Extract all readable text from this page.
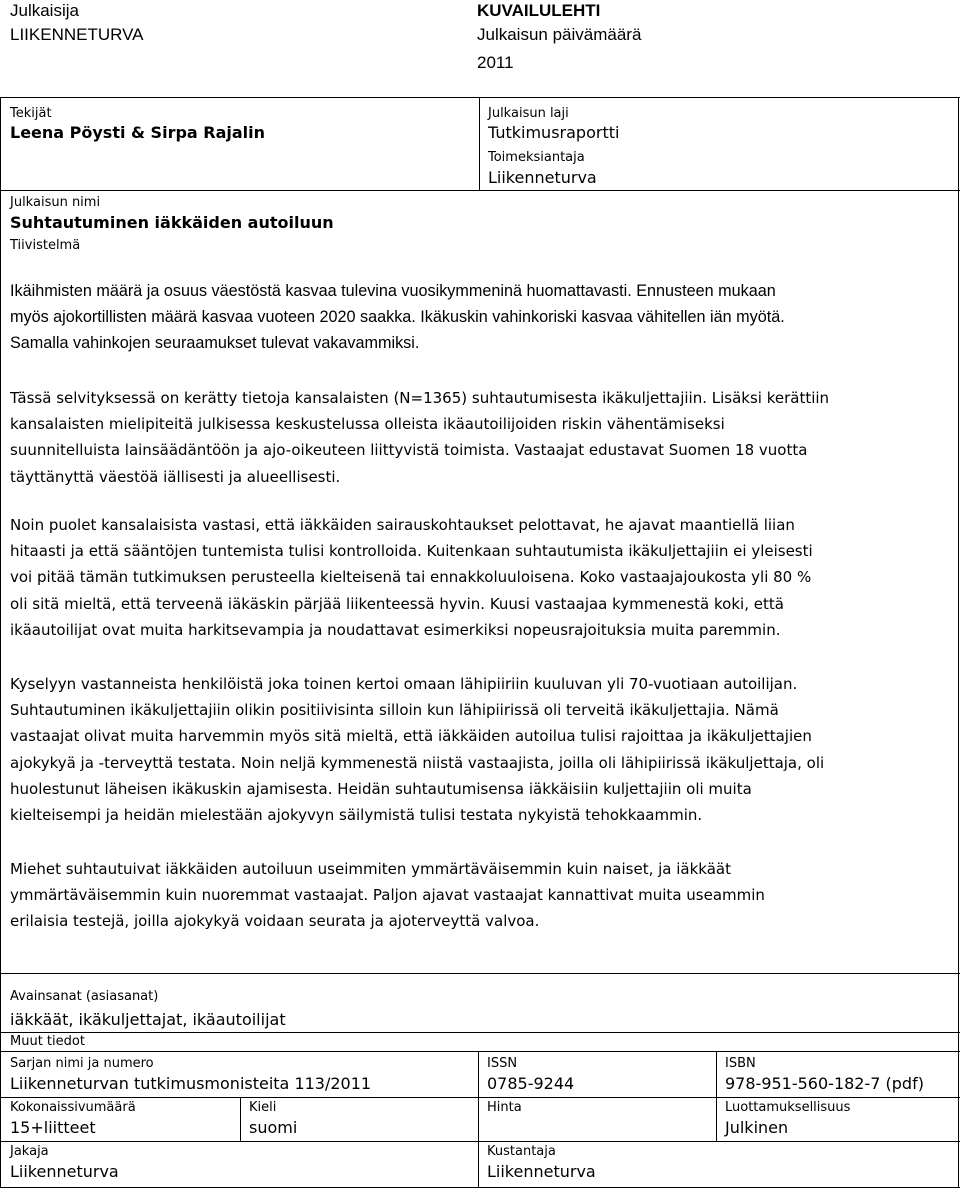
Julkaisija
LIIKENNETURVA
KUVAILULEHTI
Julkaisun päivämäärä
2011
Tekijät
Leena Pöysti & Sirpa Rajalin
Julkaisun laji
Tutkimusraportti
Toimeksiantaja
Liikenneturva
Julkaisun nimi
Suhtautuminen iäkkäiden autoiluun
Tiivistelmä
Ikäihmisten määrä ja osuus väestöstä kasvaa tulevina vuosikymmeninä huomattavasti. Ennusteen mukaan
myös ajokortillisten määrä kasvaa vuoteen 2020 saakka. Ikäkuskin vahinkoriski kasvaa vähitellen iän myötä.
Samalla vahinkojen seuraamukset tulevat vakavammiksi.
Tässä selvityksessä on kerätty tietoja kansalaisten (N=1365) suhtautumisesta ikäkuljettajiin. Lisäksi kerättiin
kansalaisten mielipiteitä julkisessa keskustelussa olleista ikäautoilijoiden riskin vähentämiseksi
suunnitelluista lainsäädäntöön ja ajo-oikeuteen liittyvistä toimista. Vastaajat edustavat Suomen 18 vuotta
täyttänyttä väestöä iällisesti ja alueellisesti.
Noin puolet kansalaisista vastasi, että iäkkäiden sairauskohtaukset pelottavat, he ajavat maantiellä liian
hitaasti ja että sääntöjen tuntemista tulisi kontrolloida. Kuitenkaan suhtautumista ikäkuljettajiin ei yleisesti
voi pitää tämän tutkimuksen perusteella kielteisenä tai ennakkoluuloisena. Koko vastaajajoukosta yli 80 %
oli sitä mieltä, että terveenä iäkäskin pärjää liikenteessä hyvin. Kuusi vastaajaa kymmenestä koki, että
ikäautoilijat ovat muita harkitsevampia ja noudattavat esimerkiksi nopeusrajoituksia muita paremmin.
Kyselyyn vastanneista henkilöistä joka toinen kertoi omaan lähipiiriin kuuluvan yli 70-vuotiaan autoilijan.
Suhtautuminen ikäkuljettajiin olikin positiivisinta silloin kun lähipiirissä oli terveitä ikäkuljettajia. Nämä
vastaajat olivat muita harvemmin myös sitä mieltä, että iäkkäiden autoilua tulisi rajoittaa ja ikäkuljettajien
ajokykyä ja -terveyttä testata. Noin neljä kymmenestä niistä vastaajista, joilla oli lähipiirissä ikäkuljettaja, oli
huolestunut läheisen ikäkuskin ajamisesta. Heidän suhtautumisensa iäkkäisiin kuljettajiin oli muita
kielteisempi ja heidän mielestään ajokyvyn säilymistä tulisi testata nykyistä tehokkaammin.
Miehet suhtautuivat iäkkäiden autoiluun useimmiten ymmärtäväisemmin kuin naiset, ja iäkkäät
ymmärtäväisemmin kuin nuoremmat vastaajat. Paljon ajavat vastaajat kannattivat muita useammin
erilaisia testejä, joilla ajokykyä voidaan seurata ja ajoterveyttä valvoa.
Avainsanat (asiasanat)
iäkkäät, ikäkuljettajat, ikäautoilijat
Muut tiedot
Sarjan nimi ja numero
Liikenneturvan tutkimusmonisteita 113/2011
ISSN
0785-9244
ISBN
978-951-560-182-7 (pdf)
Kokonaissivumäärä
15+liitteet
Kieli
suomi
Hinta	Luottamuksellisuus
Julkinen
Jakaja
Liikenneturva
Kustantaja
Liikenneturva
